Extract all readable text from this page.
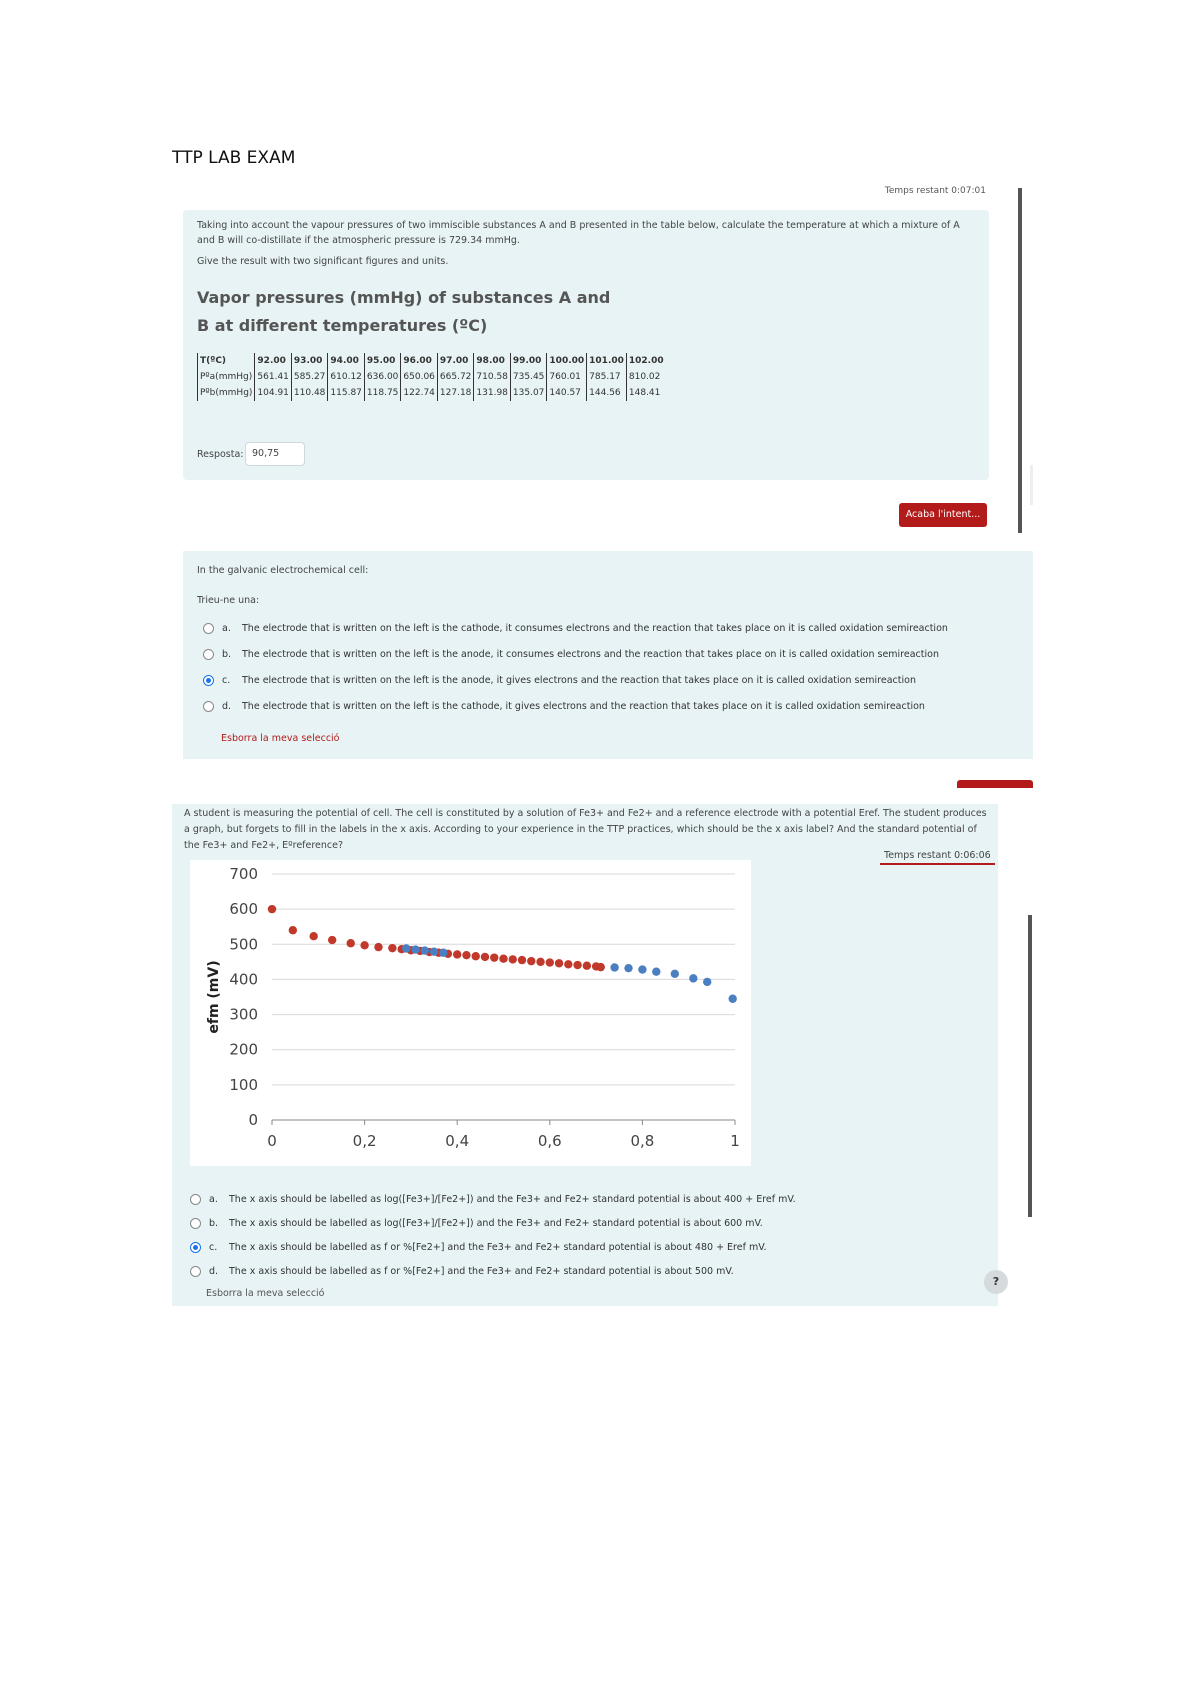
TTP LAB EXAM
Temps restant 0:07:01
Taking into account the vapour pressures of two immiscible substances A and B presented in the table below, calculate the temperature at which a mixture of A and B will co-distillate if the atmospheric pressure is 729.34 mmHg.
Give the result with two significant figures and units.
Vapor pressures (mmHg) of substances A and B at different temperatures (ºC)
T(ºC)	92.00	93.00	94.00	95.00	96.00	97.00	98.00	99.00	100.00	101.00	102.00
Pºa(mmHg)	561.41	585.27	610.12	636.00	650.06	665.72	710.58	735.45	760.01	785.17	810.02
Pºb(mmHg)	104.91	110.48	115.87	118.75	122.74	127.18	131.98	135.07	140.57	144.56	148.41
Resposta: 90,75
Acaba l'intent...
In the galvanic electrochemical cell:
Trieu-ne una:
a. The electrode that is written on the left is the cathode, it consumes electrons and the reaction that takes place on it is called oxidation semireaction
b. The electrode that is written on the left is the anode, it consumes electrons and the reaction that takes place on it is called oxidation semireaction
c. The electrode that is written on the left is the anode, it gives electrons and the reaction that takes place on it is called oxidation semireaction
d. The electrode that is written on the left is the cathode, it gives electrons and the reaction that takes place on it is called oxidation semireaction
Esborra la meva selecció
A student is measuring the potential of cell. The cell is constituted by a solution of Fe3+ and Fe2+ and a reference electrode with a potential Eref. The student produces a graph, but forgets to fill in the labels in the x axis. According to your experience in the TTP practices, which should be the x axis label? And the standard potential of the Fe3+ and Fe2+, Eºreference?
Temps restant 0:06:06
0
100
200
300
400
500
600
700
0	0,2	0,4	0,6	0,8	1
efm (mV)
a. The x axis should be labelled as log([Fe3+]/[Fe2+]) and the Fe3+ and Fe2+ standard potential is about 400 + Eref mV.
b. The x axis should be labelled as log([Fe3+]/[Fe2+]) and the Fe3+ and Fe2+ standard potential is about 600 mV.
c. The x axis should be labelled as f or %[Fe2+] and the Fe3+ and Fe2+ standard potential is about 480 + Eref mV.
d. The x axis should be labelled as f or %[Fe2+] and the Fe3+ and Fe2+ standard potential is about 500 mV.
Esborra la meva selecció
?
